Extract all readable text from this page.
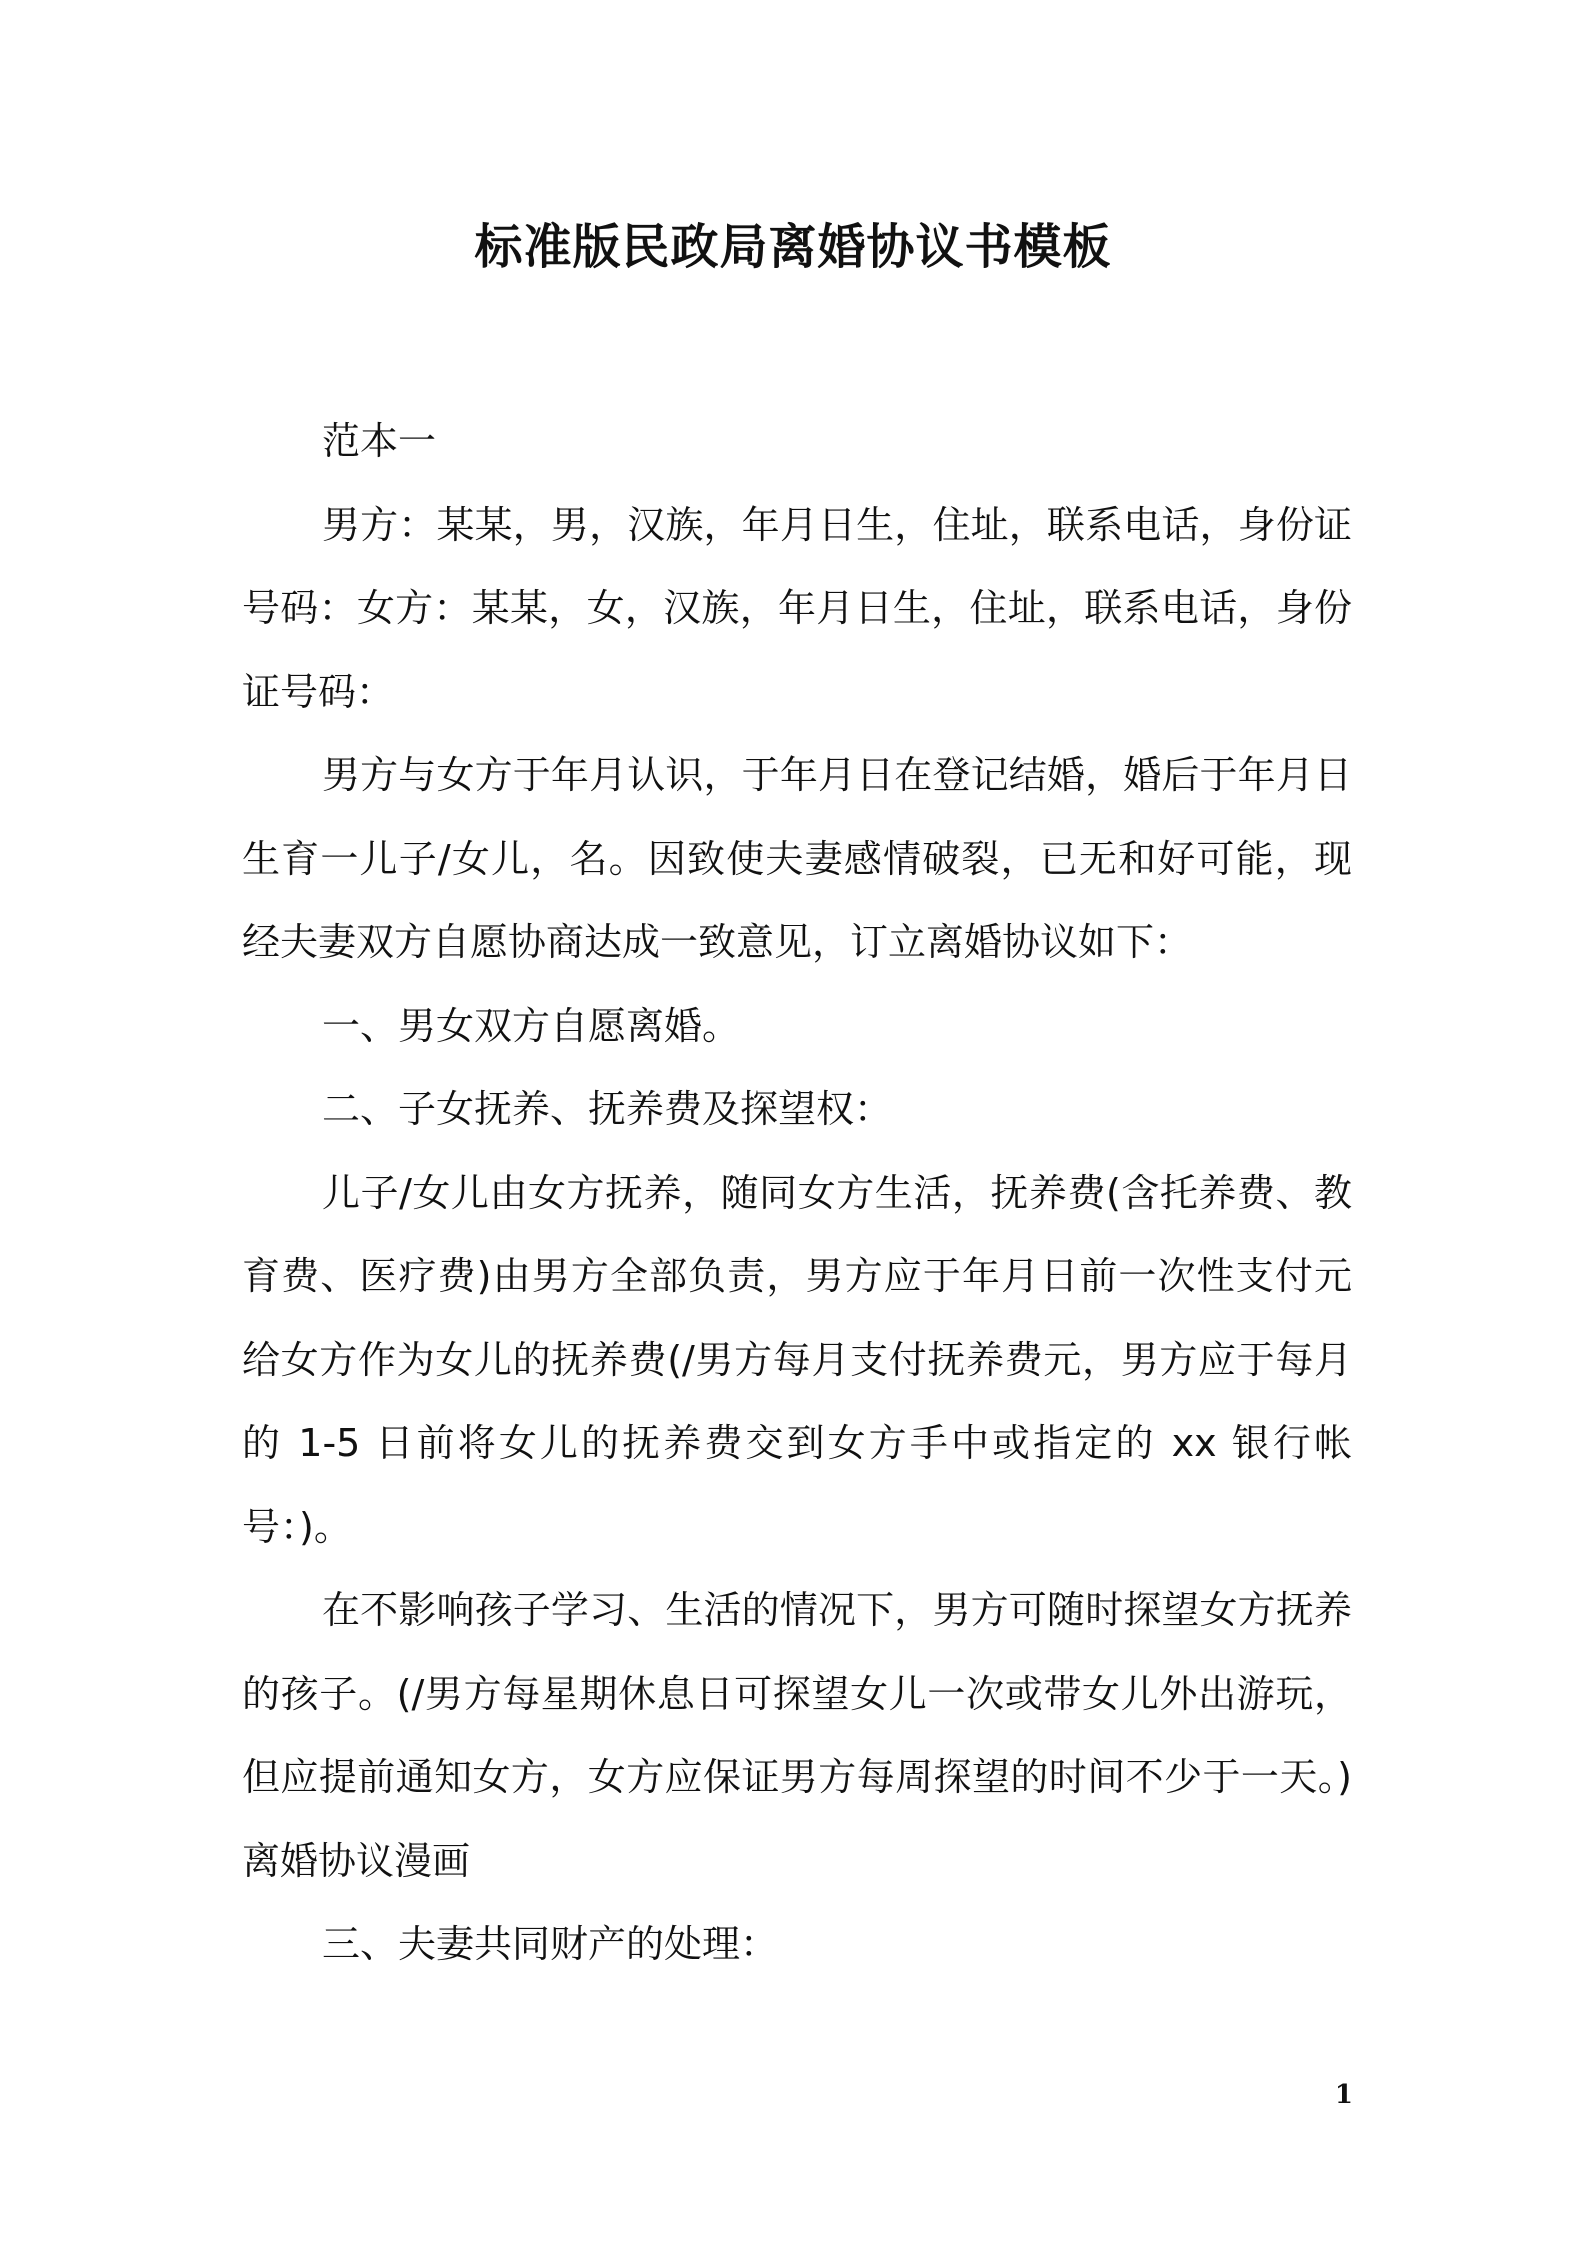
标准版民政局离婚协议书模板

范本一

男方：某某，男，汉族，年月日生，住址，联系电话，身份证号码：女方：某某，女，汉族，年月日生，住址，联系电话，身份证号码：

男方与女方于年月认识，于年月日在登记结婚，婚后于年月日生育一儿子/女儿，名。因致使夫妻感情破裂，已无和好可能，现经夫妻双方自愿协商达成一致意见，订立离婚协议如下：

一、男女双方自愿离婚。

二、子女抚养、抚养费及探望权：

儿子/女儿由女方抚养，随同女方生活，抚养费(含托养费、教育费、医疗费)由男方全部负责，男方应于年月日前一次性支付元给女方作为女儿的抚养费(/男方每月支付抚养费元，男方应于每月的 1-5 日前将女儿的抚养费交到女方手中或指定的 xx 银行帐号：)。

在不影响孩子学习、生活的情况下，男方可随时探望女方抚养的孩子。(/男方每星期休息日可探望女儿一次或带女儿外出游玩，但应提前通知女方，女方应保证男方每周探望的时间不少于一天。)离婚协议漫画

三、夫妻共同财产的处理：

1
